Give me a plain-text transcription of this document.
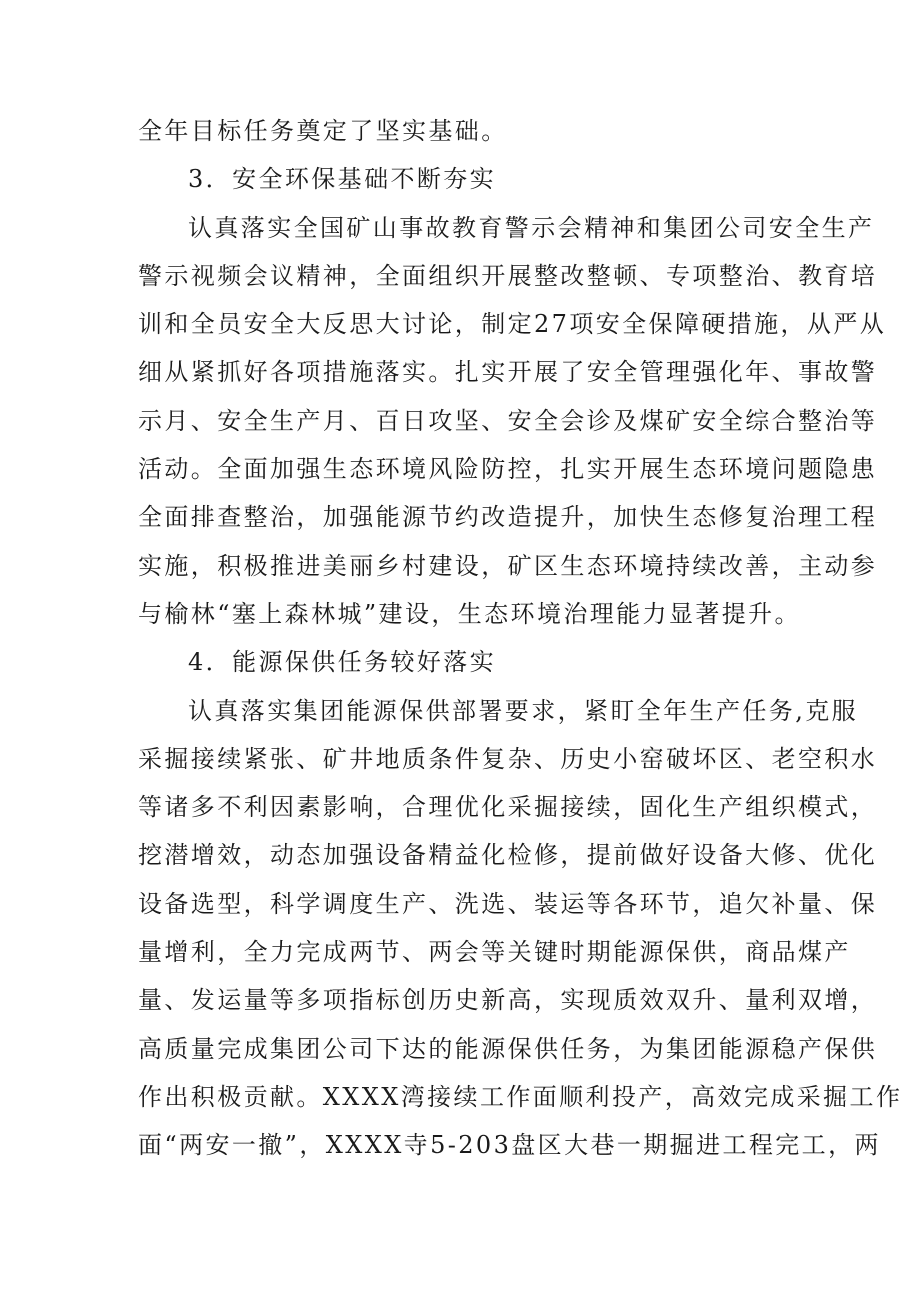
全年目标任务奠定了坚实基础。
3．安全环保基础不断夯实
认真落实全国矿山事故教育警示会精神和集团公司安全生产
警示视频会议精神，全面组织开展整改整顿、专项整治、教育培
训和全员安全大反思大讨论，制定27项安全保障硬措施，从严从
细从紧抓好各项措施落实。扎实开展了安全管理强化年、事故警
示月、安全生产月、百日攻坚、安全会诊及煤矿安全综合整治等
活动。全面加强生态环境风险防控，扎实开展生态环境问题隐患
全面排查整治，加强能源节约改造提升，加快生态修复治理工程
实施，积极推进美丽乡村建设，矿区生态环境持续改善，主动参
与榆林“塞上森林城”建设，生态环境治理能力显著提升。
4．能源保供任务较好落实
认真落实集团能源保供部署要求，紧盯全年生产任务,克服
采掘接续紧张、矿井地质条件复杂、历史小窑破坏区、老空积水
等诸多不利因素影响，合理优化采掘接续，固化生产组织模式，
挖潜增效，动态加强设备精益化检修，提前做好设备大修、优化
设备选型，科学调度生产、洗选、装运等各环节，追欠补量、保
量增利，全力完成两节、两会等关键时期能源保供，商品煤产
量、发运量等多项指标创历史新高，实现质效双升、量利双增，
高质量完成集团公司下达的能源保供任务，为集团能源稳产保供
作出积极贡献。XXXX湾接续工作面顺利投产，高效完成采掘工作
面“两安一撤”，XXXX寺5-203盘区大巷一期掘进工程完工，两
